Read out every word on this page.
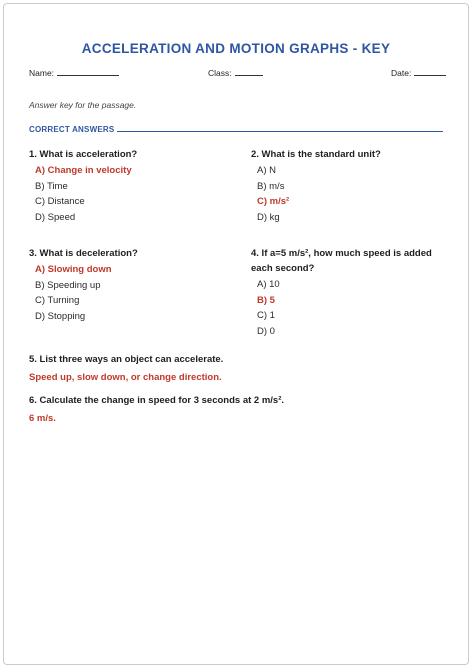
ACCELERATION AND MOTION GRAPHS - KEY
Name:	Class:	Date:
Answer key for the passage.
CORRECT ANSWERS
1. What is acceleration?
A) Change in velocity
B) Time
C) Distance
D) Speed
2. What is the standard unit?
A) N
B) m/s
C) m/s²
D) kg
3. What is deceleration?
A) Slowing down
B) Speeding up
C) Turning
D) Stopping
4. If a=5 m/s², how much speed is added
each second?
A) 10
B) 5
C) 1
D) 0
5. List three ways an object can accelerate.
Speed up, slow down, or change direction.
6. Calculate the change in speed for 3 seconds at 2 m/s².
6 m/s.
